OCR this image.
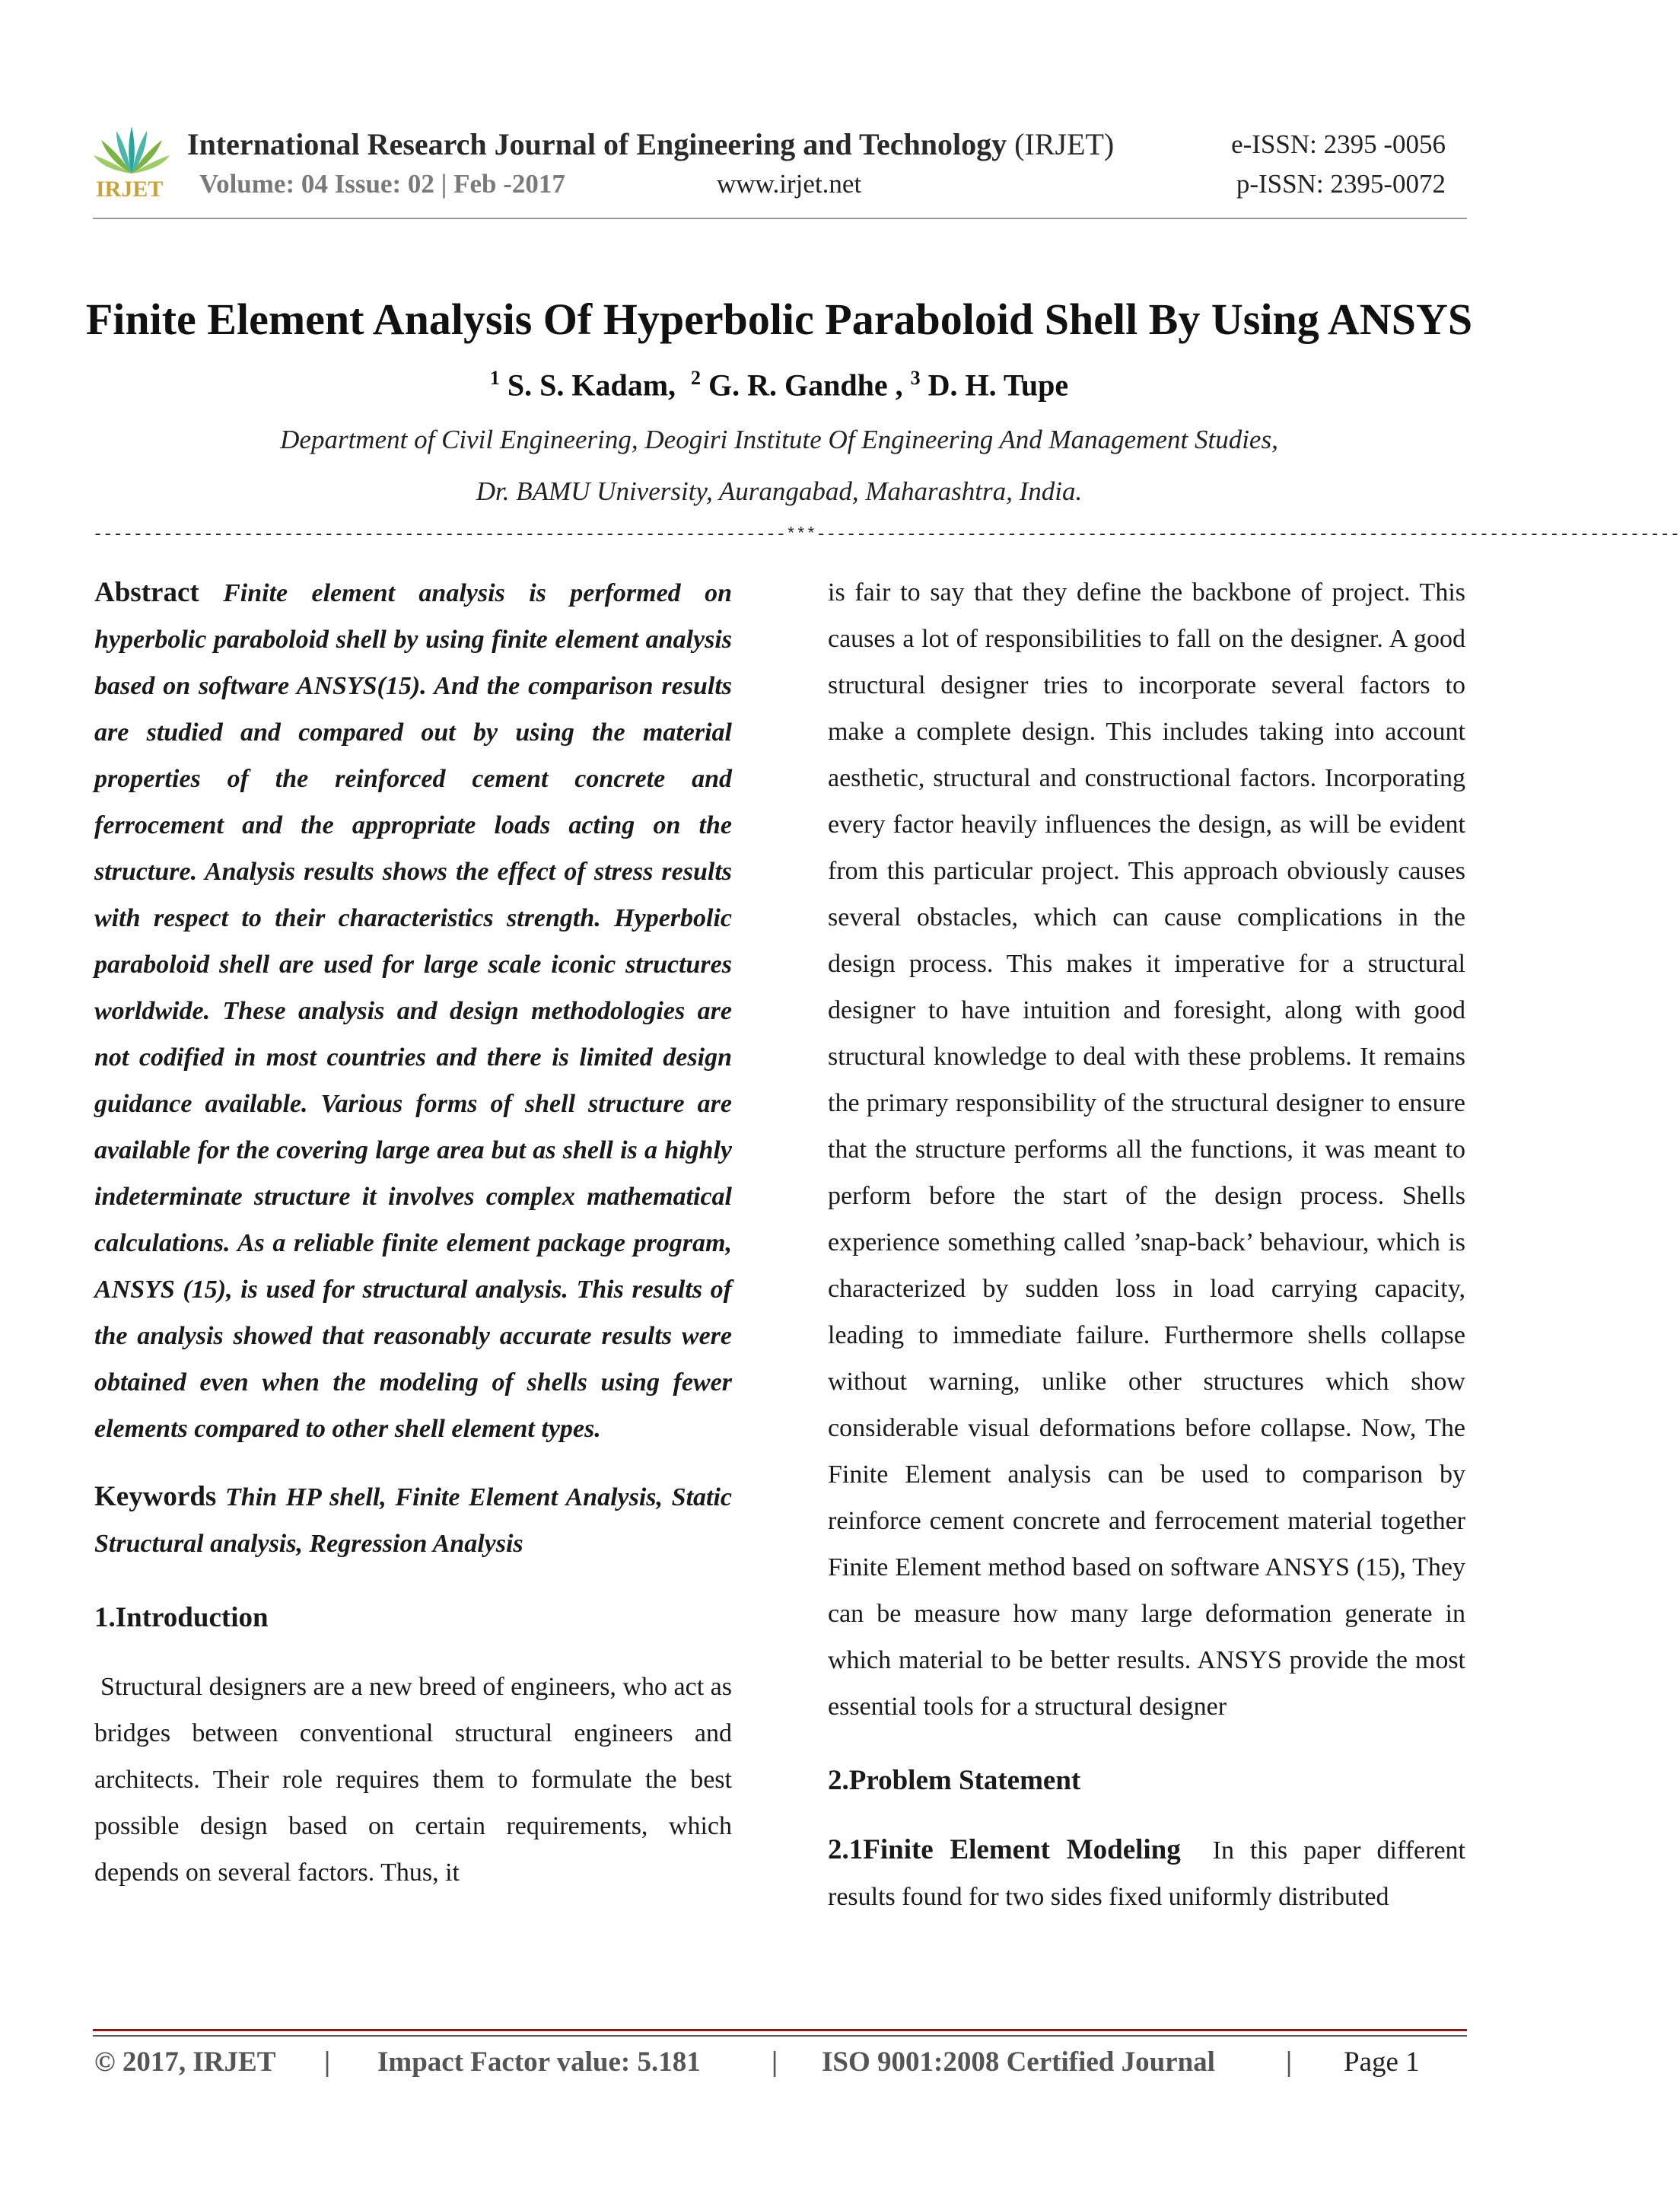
IRJET
International Research Journal of Engineering and Technology (IRJET)	e-ISSN: 2395 -0056
Volume: 04 Issue: 02 | Feb -2017	www.irjet.net	p-ISSN: 2395-0072
Finite Element Analysis Of Hyperbolic Paraboloid Shell By Using ANSYS
$^1$ S. S. Kadam, $^2$ G. R. Gandhe , $^3$ D. H. Tupe
Department of Civil Engineering, Deogiri Institute Of Engineering And Management Studies,
Dr. BAMU University, Aurangabad, Maharashtra, India.
---------------------------------------------------------------------***--------------------------------------------------------------------------------------

Abstract Finite element analysis is performed on hyperbolic paraboloid shell by using finite element analysis based on software ANSYS(15). And the comparison results are studied and compared out by using the material properties of the reinforced cement concrete and ferrocement and the appropriate loads acting on the structure. Analysis results shows the effect of stress results with respect to their characteristics strength. Hyperbolic paraboloid shell are used for large scale iconic structures worldwide. These analysis and design methodologies are not codified in most countries and there is limited design guidance available. Various forms of shell structure are available for the covering large area but as shell is a highly indeterminate structure it involves complex mathematical calculations. As a reliable finite element package program, ANSYS (15), is used for structural analysis. This results of the analysis showed that reasonably accurate results were obtained even when the modeling of shells using fewer elements compared to other shell element types.

Keywords Thin HP shell, Finite Element Analysis, Static Structural analysis, Regression Analysis

1.Introduction

Structural designers are a new breed of engineers, who act as bridges between conventional structural engineers and architects. Their role requires them to formulate the best possible design based on certain requirements, which depends on several factors. Thus, it

is fair to say that they define the backbone of project. This causes a lot of responsibilities to fall on the designer. A good structural designer tries to incorporate several factors to make a complete design. This includes taking into account aesthetic, structural and constructional factors. Incorporating every factor heavily influences the design, as will be evident from this particular project. This approach obviously causes several obstacles, which can cause complications in the design process. This makes it imperative for a structural designer to have intuition and foresight, along with good structural knowledge to deal with these problems. It remains the primary responsibility of the structural designer to ensure that the structure performs all the functions, it was meant to perform before the start of the design process. Shells experience something called ’snap-back’ behaviour, which is characterized by sudden loss in load carrying capacity, leading to immediate failure. Furthermore shells collapse without warning, unlike other structures which show considerable visual deformations before collapse. Now, The Finite Element analysis can be used to comparison by reinforce cement concrete and ferrocement material together Finite Element method based on software ANSYS (15), They can be measure how many large deformation generate in which material to be better results. ANSYS provide the most essential tools for a structural designer

2.Problem Statement

2.1Finite Element Modeling In this paper different results found for two sides fixed uniformly distributed

© 2017, IRJET | Impact Factor value: 5.181	| ISO 9001:2008 Certified Journal	| Page 1
